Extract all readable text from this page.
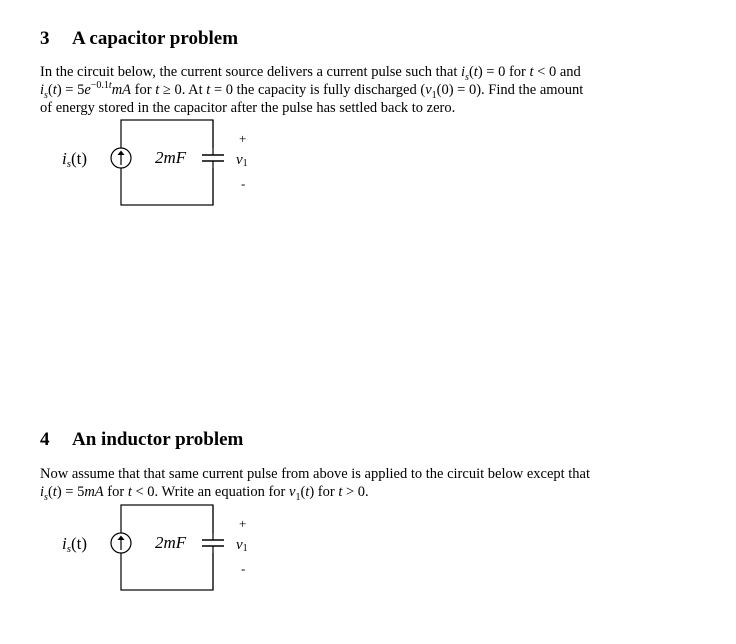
3 A capacitor problem
In the circuit below, the current source delivers a current pulse such that $i_s(t) = 0$ for t < 0 and
$i_s(t) = 5e^{-0.1t}mA$ for t ≥ 0. At t = 0 the capacity is fully discharged $(v_1(0) = 0)$. Find the amount
of energy stored in the capacitor after the pulse has settled back to zero.
is(t)	2mF
+
v1
-
4 An inductor problem
Now assume that that same current pulse from above is applied to the circuit below except that
$i_s(t) = 5mA$ for t < 0. Write an equation for $v_1(t)$ for t > 0.
is(t)	2mF
+
v1
-
